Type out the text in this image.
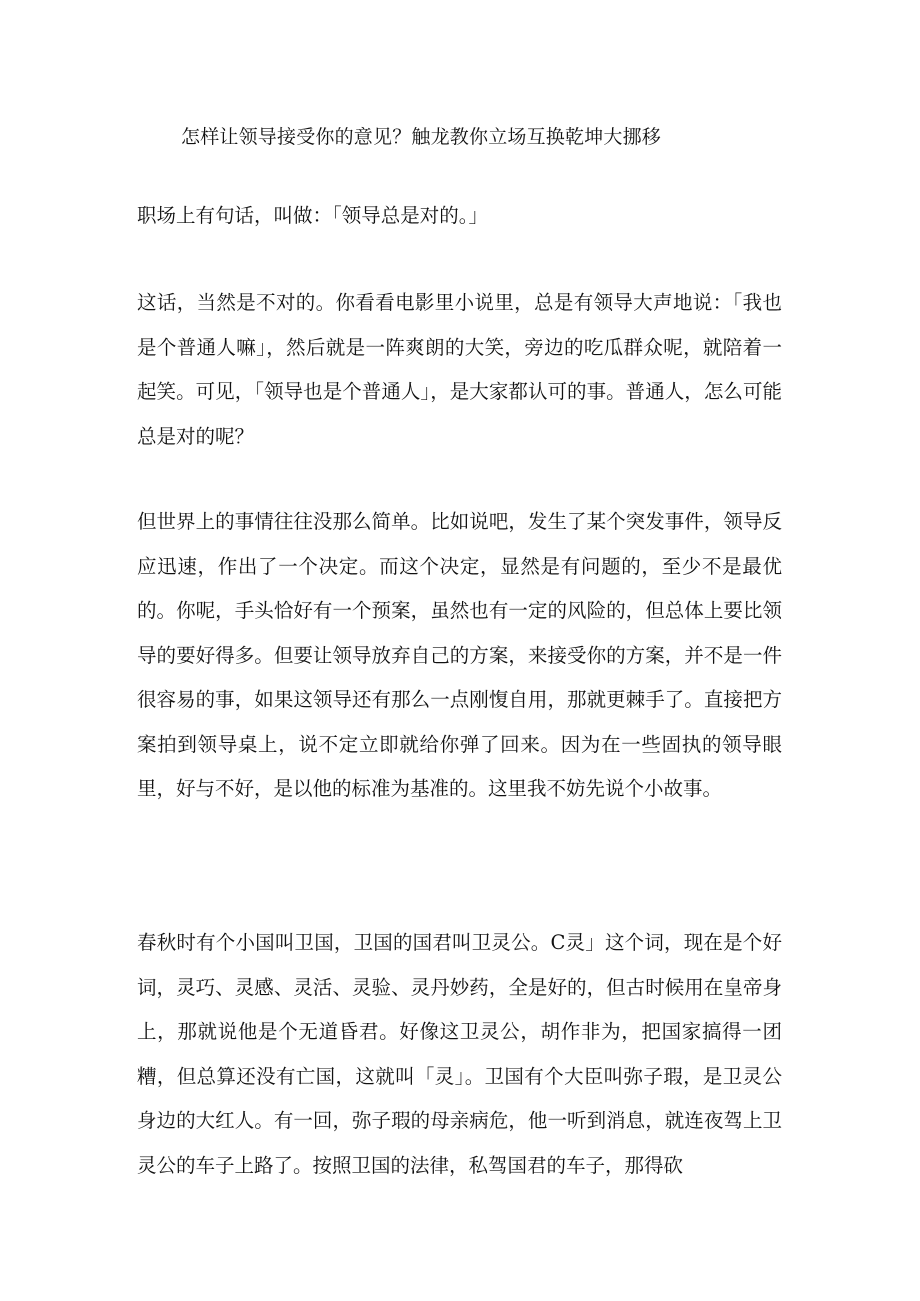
怎样让领导接受你的意见？触龙教你立场互换乾坤大挪移

职场上有句话，叫做：「领导总是对的。」

这话，当然是不对的。你看看电影里小说里，总是有领导大声地说：「我也是个普通人嘛」，然后就是一阵爽朗的大笑，旁边的吃瓜群众呢，就陪着一起笑。可见，「领导也是个普通人」，是大家都认可的事。普通人，怎么可能总是对的呢？

但世界上的事情往往没那么简单。比如说吧，发生了某个突发事件，领导反应迅速，作出了一个决定。而这个决定，显然是有问题的，至少不是最优的。你呢，手头恰好有一个预案，虽然也有一定的风险的，但总体上要比领导的要好得多。但要让领导放弃自己的方案，来接受你的方案，并不是一件很容易的事，如果这领导还有那么一点刚愎自用，那就更棘手了。直接把方案拍到领导桌上，说不定立即就给你弹了回来。因为在一些固执的领导眼里，好与不好，是以他的标准为基准的。这里我不妨先说个小故事。

春秋时有个小国叫卫国，卫国的国君叫卫灵公。C灵」这个词，现在是个好词，灵巧、灵感、灵活、灵验、灵丹妙药，全是好的，但古时候用在皇帝身上，那就说他是个无道昏君。好像这卫灵公，胡作非为，把国家搞得一团糟，但总算还没有亡国，这就叫「灵」。卫国有个大臣叫弥子瑕，是卫灵公身边的大红人。有一回，弥子瑕的母亲病危，他一听到消息，就连夜驾上卫灵公的车子上路了。按照卫国的法律，私驾国君的车子，那得砍
